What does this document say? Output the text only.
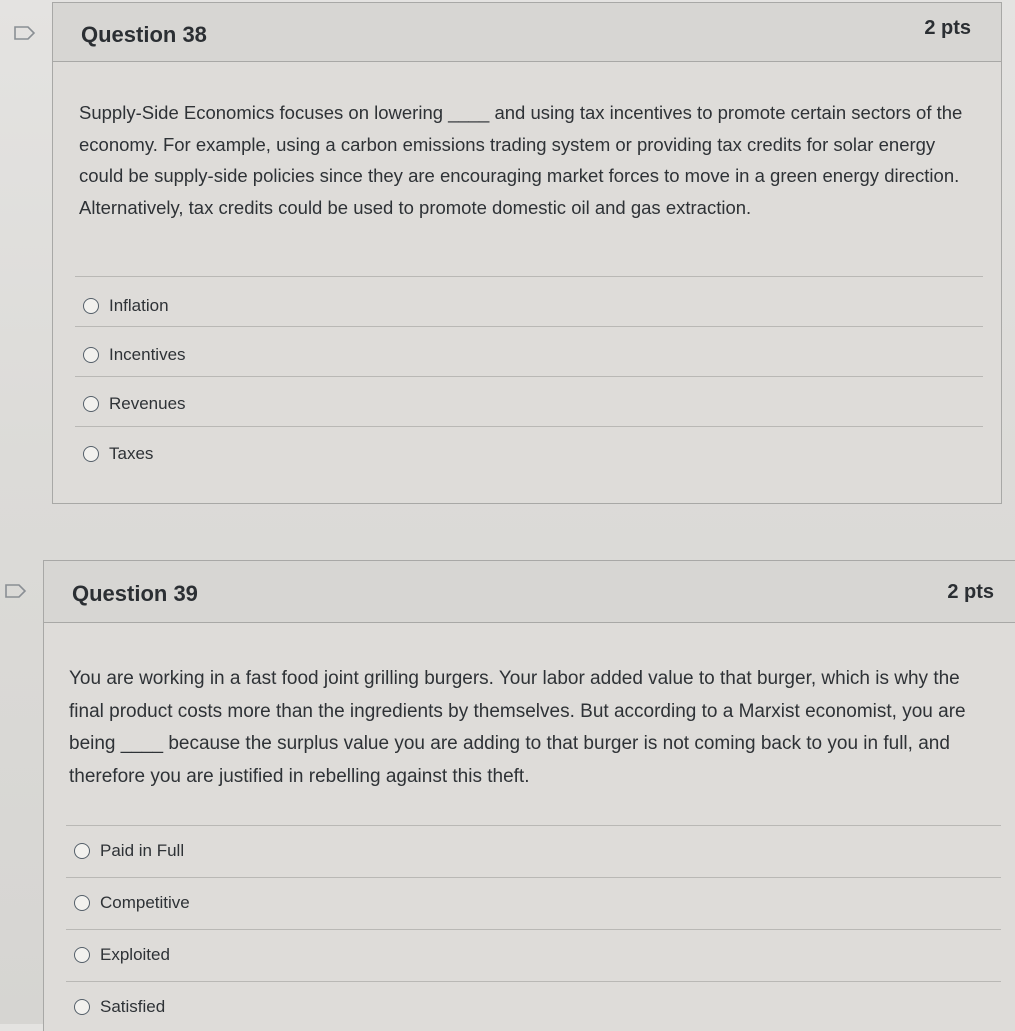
Question 38	2 pts
Supply-Side Economics focuses on lowering ____ and using tax incentives to promote certain sectors of the economy. For example, using a carbon emissions trading system or providing tax credits for solar energy could be supply-side policies since they are encouraging market forces to move in a green energy direction. Alternatively, tax credits could be used to promote domestic oil and gas extraction.
Inflation
Incentives
Revenues
Taxes
Question 39	2 pts
You are working in a fast food joint grilling burgers. Your labor added value to that burger, which is why the final product costs more than the ingredients by themselves. But according to a Marxist economist, you are being ____ because the surplus value you are adding to that burger is not coming back to you in full, and therefore you are justified in rebelling against this theft.
Paid in Full
Competitive
Exploited
Satisfied
